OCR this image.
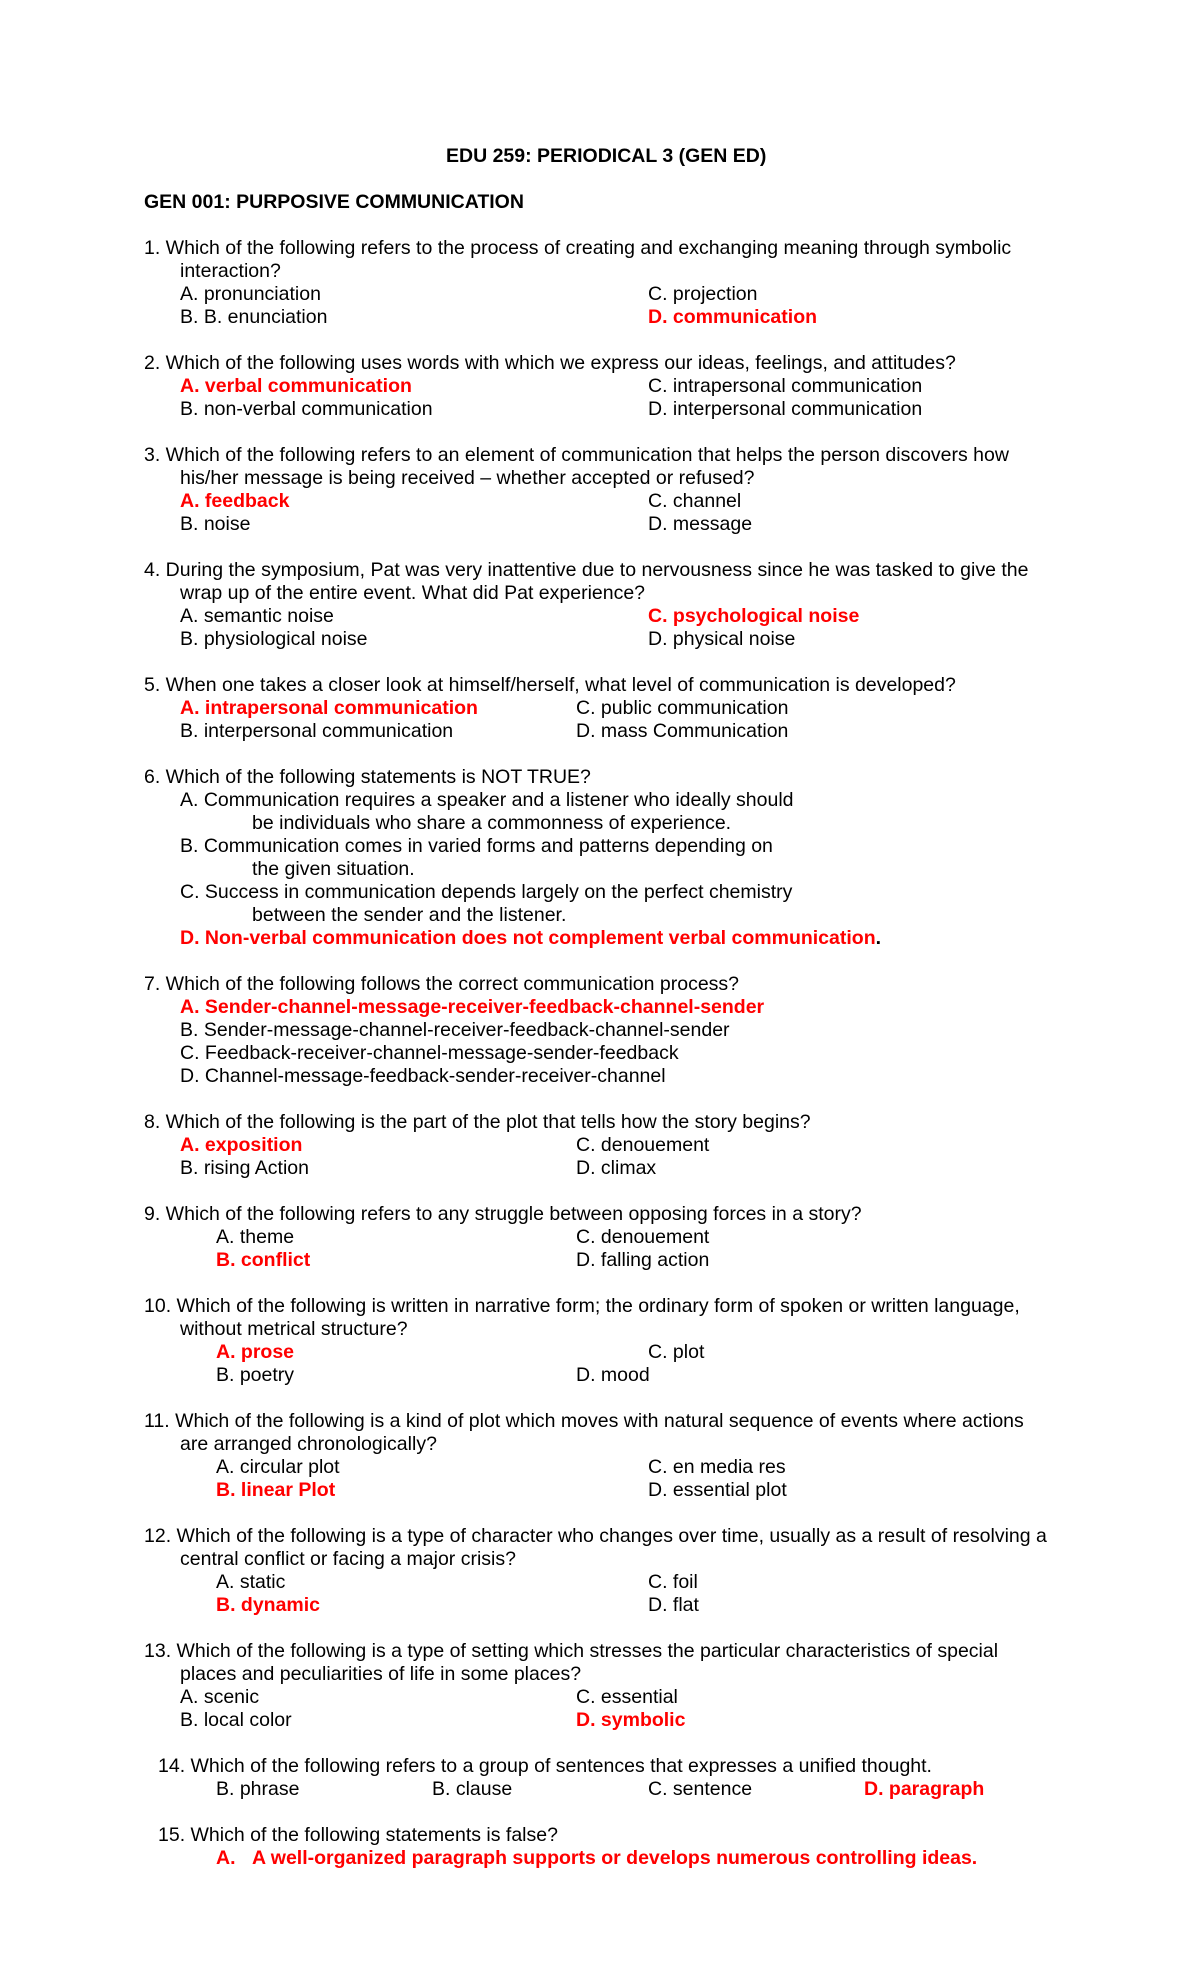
EDU 259: PERIODICAL 3 (GEN ED)
GEN 001: PURPOSIVE COMMUNICATION
1. Which of the following refers to the process of creating and exchanging meaning through symbolic
interaction?
A. pronunciation	C. projection
B. B. enunciation	D. communication
2. Which of the following uses words with which we express our ideas, feelings, and attitudes?
A. verbal communication	C. intrapersonal communication
B. non-verbal communication	D. interpersonal communication
3. Which of the following refers to an element of communication that helps the person discovers how
his/her message is being received – whether accepted or refused?
A. feedback	C. channel
B. noise	D. message
4. During the symposium, Pat was very inattentive due to nervousness since he was tasked to give the
wrap up of the entire event. What did Pat experience?
A. semantic noise	C. psychological noise
B. physiological noise	D. physical noise
5. When one takes a closer look at himself/herself, what level of communication is developed?
A. intrapersonal communication	C. public communication
B. interpersonal communication	D. mass Communication
6. Which of the following statements is NOT TRUE?
A. Communication requires a speaker and a listener who ideally should
be individuals who share a commonness of experience.
B. Communication comes in varied forms and patterns depending on
the given situation.
C. Success in communication depends largely on the perfect chemistry
between the sender and the listener.
D. Non-verbal communication does not complement verbal communication.
7. Which of the following follows the correct communication process?
A. Sender-channel-message-receiver-feedback-channel-sender
B. Sender-message-channel-receiver-feedback-channel-sender
C. Feedback-receiver-channel-message-sender-feedback
D. Channel-message-feedback-sender-receiver-channel
8. Which of the following is the part of the plot that tells how the story begins?
A. exposition	C. denouement
B. rising Action	D. climax
9. Which of the following refers to any struggle between opposing forces in a story?
A. theme	C. denouement
B. conflict	D. falling action
10. Which of the following is written in narrative form; the ordinary form of spoken or written language,
without metrical structure?
A. prose	C. plot
B. poetry	D. mood
11. Which of the following is a kind of plot which moves with natural sequence of events where actions
are arranged chronologically?
A. circular plot	C. en media res
B. linear Plot	D. essential plot
12. Which of the following is a type of character who changes over time, usually as a result of resolving a
central conflict or facing a major crisis?
A. static	C. foil
B. dynamic	D. flat
13. Which of the following is a type of setting which stresses the particular characteristics of special
places and peculiarities of life in some places?
A. scenic	C. essential
B. local color	D. symbolic
14. Which of the following refers to a group of sentences that expresses a unified thought.
B. phrase	B. clause	C. sentence	D. paragraph
15. Which of the following statements is false?
A. A well-organized paragraph supports or develops numerous controlling ideas.
